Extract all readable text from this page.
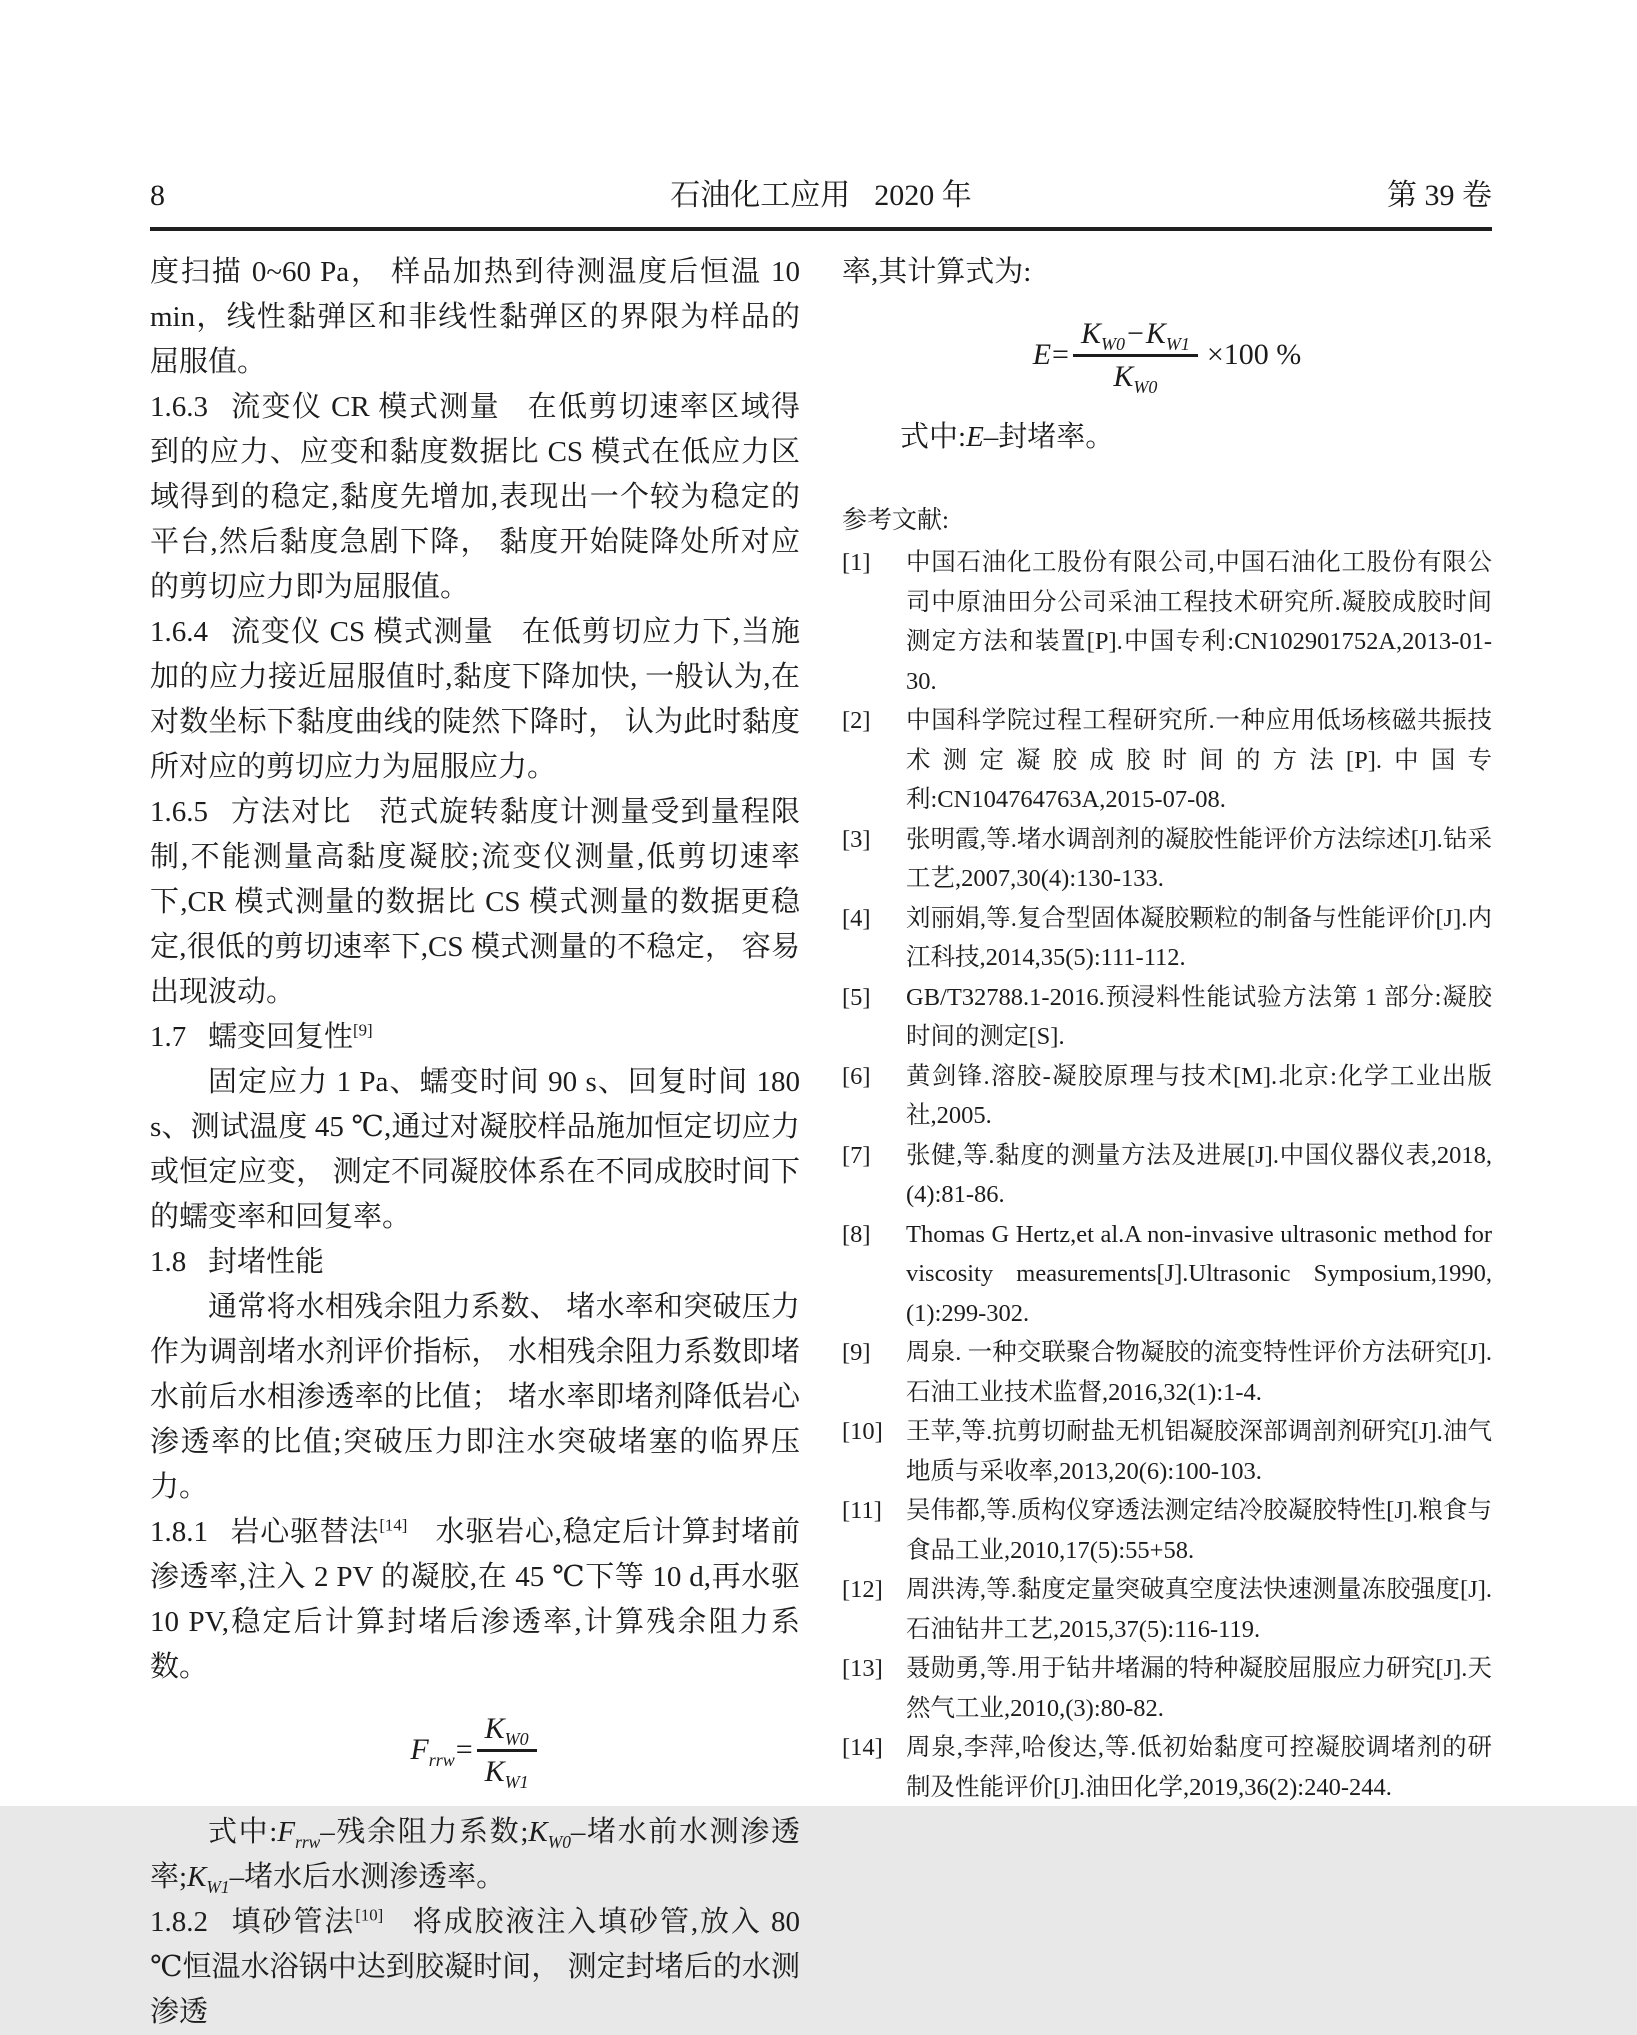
8	石油化工应用 2020 年	第 39 卷

度扫描 0~60 Pa， 样品加热到待测温度后恒温 10 min，线性黏弹区和非线性黏弹区的界限为样品的屈服值。

1.6.3 流变仪 CR 模式测量 在低剪切速率区域得到的应力、应变和黏度数据比 CS 模式在低应力区域得到的稳定,黏度先增加,表现出一个较为稳定的平台,然后黏度急剧下降， 黏度开始陡降处所对应的剪切应力即为屈服值。

1.6.4 流变仪 CS 模式测量 在低剪切应力下,当施加的应力接近屈服值时,黏度下降加快, 一般认为,在对数坐标下黏度曲线的陡然下降时， 认为此时黏度所对应的剪切应力为屈服应力。

1.6.5 方法对比 范式旋转黏度计测量受到量程限制,不能测量高黏度凝胶;流变仪测量,低剪切速率下,CR 模式测量的数据比 CS 模式测量的数据更稳定,很低的剪切速率下,CS 模式测量的不稳定， 容易出现波动。

1.7 蠕变回复性[9]

固定应力 1 Pa、蠕变时间 90 s、回复时间 180 s、测试温度 45 ℃,通过对凝胶样品施加恒定切应力或恒定应变， 测定不同凝胶体系在不同成胶时间下的蠕变率和回复率。

1.8 封堵性能

通常将水相残余阻力系数、 堵水率和突破压力作为调剖堵水剂评价指标， 水相残余阻力系数即堵水前后水相渗透率的比值； 堵水率即堵剂降低岩心渗透率的比值;突破压力即注水突破堵塞的临界压力。

1.8.1 岩心驱替法[14] 水驱岩心,稳定后计算封堵前渗透率,注入 2 PV 的凝胶,在 45 ℃下等 10 d,再水驱 10 PV,稳定后计算封堵后渗透率,计算残余阻力系数。

$F_{rrw} = \frac{K_{W0}}{K_{W1}}$

式中$:F_{rrw}-$残余阻力系数$;K_{W0}-$堵水前水测渗透率$;K_{W1}-$堵水后水测渗透率。

1.8.2 填砂管法[10] 将成胶液注入填砂管,放入 80 ℃恒温水浴锅中达到胶凝时间， 测定封堵后的水测渗透

率,其计算式为:

$E = \frac{K_{W0}-K_{W1}}{K_{W0}} \times 100$ %

式中:E–封堵率。

参考文献:
[1]	中国石油化工股份有限公司,中国石油化工股份有限公司中原油田分公司采油工程技术研究所.凝胶成胶时间测定方法和装置[P].中国专利:CN102901752A,2013-01-30.
[2]	中国科学院过程工程研究所.一种应用低场核磁共振技术测定凝胶成胶时间的方法[P].中国专利:CN104764763A,2015-07-08.
[3]	张明霞,等.堵水调剖剂的凝胶性能评价方法综述[J].钻采工艺,2007,30(4):130-133.
[4]	刘丽娟,等.复合型固体凝胶颗粒的制备与性能评价[J].内江科技,2014,35(5):111-112.
[5]	GB/T32788.1-2016.预浸料性能试验方法第 1 部分:凝胶时间的测定[S].
[6]	黄剑锋.溶胶-凝胶原理与技术[M].北京:化学工业出版社,2005.
[7]	张健,等.黏度的测量方法及进展[J].中国仪器仪表,2018,(4):81-86.
[8]	Thomas G Hertz,et al.A non-invasive ultrasonic method for viscosity measurements[J].Ultrasonic Symposium,1990,(1):299-302.
[9]	周泉. 一种交联聚合物凝胶的流变特性评价方法研究[J].石油工业技术监督,2016,32(1):1-4.
[10] 王苹,等.抗剪切耐盐无机铝凝胶深部调剖剂研究[J].油气地质与采收率,2013,20(6):100-103.
[11] 吴伟都,等.质构仪穿透法测定结冷胶凝胶特性[J].粮食与食品工业,2010,17(5):55+58.
[12] 周洪涛,等.黏度定量突破真空度法快速测量冻胶强度[J].石油钻井工艺,2015,37(5):116-119.
[13] 聂勋勇,等.用于钻井堵漏的特种凝胶屈服应力研究[J].天然气工业,2010,(3):80-82.
[14] 周泉,李萍,哈俊达,等.低初始黏度可控凝胶调堵剂的研制及性能评价[J].油田化学,2019,36(2):240-244.
